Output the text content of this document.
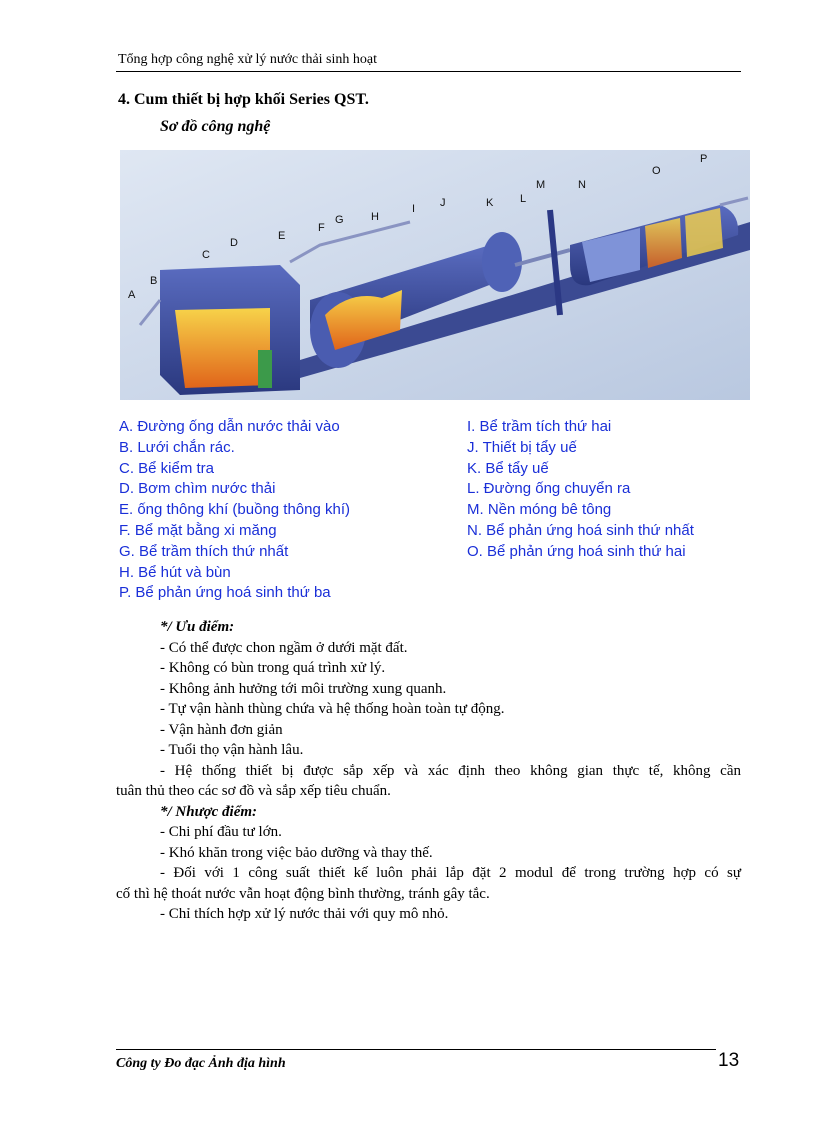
Tổng hợp công nghệ xử lý nước thải sinh hoạt
4. Cum thiết bị hợp khối Series QST.
Sơ đồ công nghệ
A
B
C
D
E
F
G H
I J	K L
M	N
O
P
A. Đường ống dẫn nước thải vào
B. Lưới chắn rác.
C. Bể kiểm tra
D. Bơm chìm nước thải
E. ống thông khí (buồng thông khí)
F. Bể mặt bằng xi măng
G. Bể trầm thích thứ nhất
H. Bể hút và bùn
P. Bể phản ứng hoá sinh thứ ba
I. Bể trầm tích thứ hai
J. Thiết bị tẩy uế
K. Bể tẩy uế
L. Đường ống chuyển ra
M. Nền móng bê tông
N. Bể phản ứng hoá sinh thứ nhất
O. Bể phản ứng hoá sinh thứ hai
*/ Ưu điểm:
- Có thể được chon ngầm ở dưới mặt đất.
- Không có bùn trong quá trình xử lý.
- Không ảnh hưởng tới môi trường xung quanh.
- Tự vận hành thùng chứa và hệ thống hoàn toàn tự động.
- Vận hành đơn giản
- Tuổi thọ vận hành lâu.
- Hệ thống thiết bị được sắp xếp và xác định theo không gian thực tế, không cần
tuân thủ theo các sơ đồ và sắp xếp tiêu chuẩn.
*/ Nhược điểm:
- Chi phí đầu tư lớn.
- Khó khăn trong việc bảo dưỡng và thay thế.
- Đối với 1 công suất thiết kế luôn phải lắp đặt 2 modul để trong trường hợp có sự
cố thì hệ thoát nước vẫn hoạt động bình thường, tránh gây tắc.
- Chỉ thích hợp xử lý nước thải với quy mô nhỏ.
Công ty Đo đạc Ảnh địa hình	13
